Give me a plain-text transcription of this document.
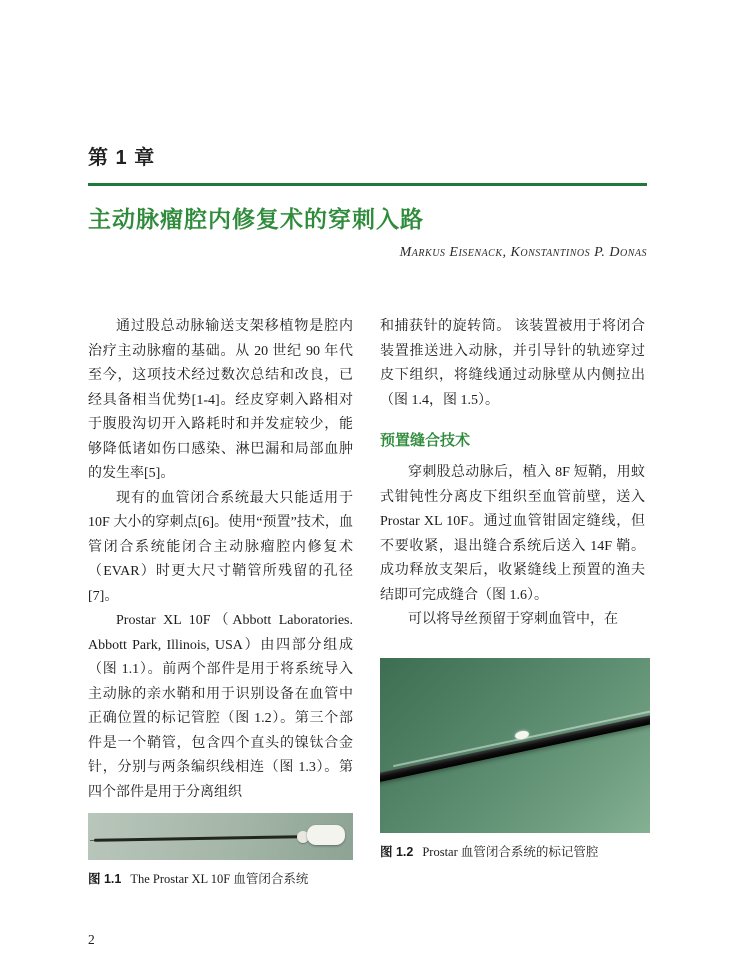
第 1 章
主动脉瘤腔内修复术的穿刺入路
Markus Eisenack, Konstantinos P. Donas

通过股总动脉输送支架移植物是腔内治疗主动脉瘤的基础。从 20 世纪 90 年代至今，这项技术经过数次总结和改良，已经具备相当优势[1-4]。经皮穿刺入路相对于腹股沟切开入路耗时和并发症较少，能够降低诸如伤口感染、淋巴漏和局部血肿的发生率[5]。

现有的血管闭合系统最大只能适用于 10F 大小的穿刺点[6]。使用“预置”技术，血管闭合系统能闭合主动脉瘤腔内修复术（EVAR）时更大尺寸鞘管所残留的孔径[7]。

Prostar XL 10F（Abbott Laboratories. Abbott Park, Illinois, USA）由四部分组成（图 1.1）。前两个部件是用于将系统导入主动脉的亲水鞘和用于识别设备在血管中正确位置的标记管腔（图 1.2）。第三个部件是一个鞘管，包含四个直头的镍钛合金针，分别与两条编织线相连（图 1.3）。第四个部件是用于分离组织

图 1.1 The Prostar XL 10F 血管闭合系统

和捕获针的旋转筒。 该装置被用于将闭合装置推送进入动脉，并引导针的轨迹穿过皮下组织，将缝线通过动脉壁从内侧拉出（图 1.4，图 1.5）。

预置缝合技术

穿刺股总动脉后，植入 8F 短鞘，用蚊式钳钝性分离皮下组织至血管前壁，送入 Prostar XL 10F。通过血管钳固定缝线，但不要收紧，退出缝合系统后送入 14F 鞘。成功释放支架后，收紧缝线上预置的渔夫结即可完成缝合（图 1.6）。

可以将导丝预留于穿刺血管中，在

图 1.2 Prostar 血管闭合系统的标记管腔
2
